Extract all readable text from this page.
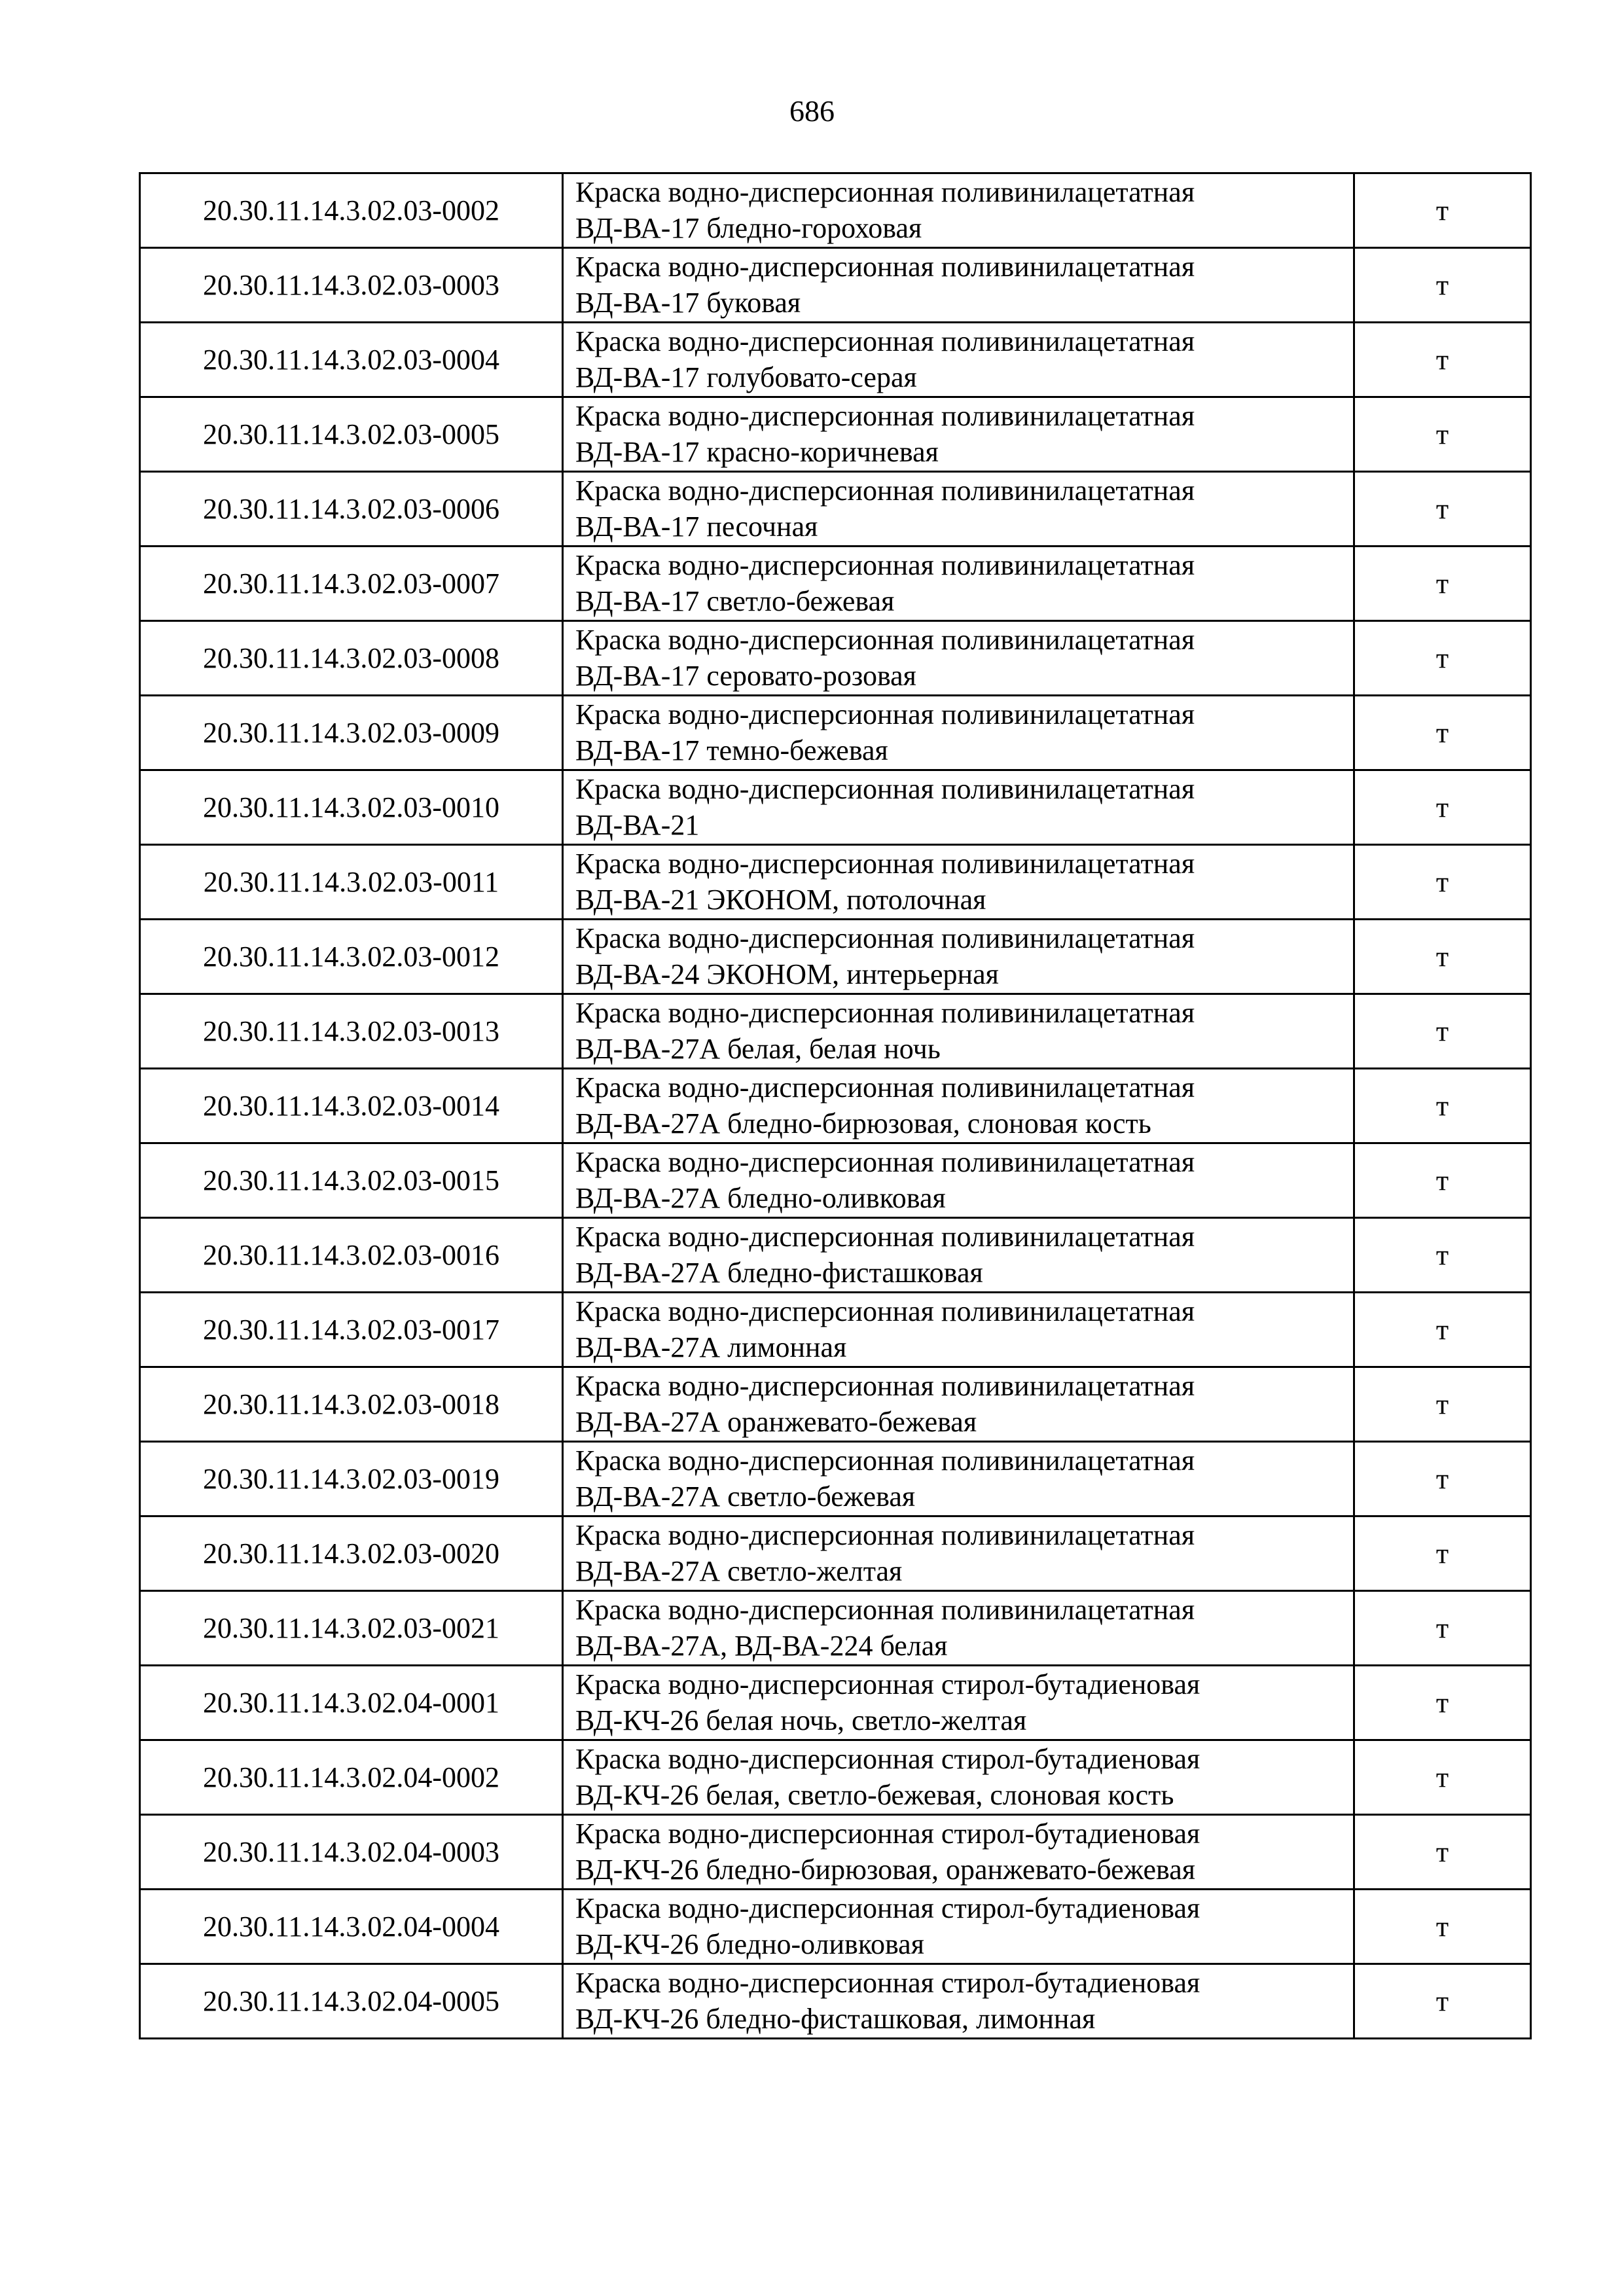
686
20.30.11.14.3.02.03-0002	Краска водно-дисперсионная поливинилацетатная
ВД-ВА-17 бледно-гороховая	т
20.30.11.14.3.02.03-0003	Краска водно-дисперсионная поливинилацетатная
ВД-ВА-17 буковая	т
20.30.11.14.3.02.03-0004	Краска водно-дисперсионная поливинилацетатная
ВД-ВА-17 голубовато-серая	т
20.30.11.14.3.02.03-0005	Краска водно-дисперсионная поливинилацетатная
ВД-ВА-17 красно-коричневая	т
20.30.11.14.3.02.03-0006	Краска водно-дисперсионная поливинилацетатная
ВД-ВА-17 песочная	т
20.30.11.14.3.02.03-0007	Краска водно-дисперсионная поливинилацетатная
ВД-ВА-17 светло-бежевая	т
20.30.11.14.3.02.03-0008	Краска водно-дисперсионная поливинилацетатная
ВД-ВА-17 серовато-розовая	т
20.30.11.14.3.02.03-0009	Краска водно-дисперсионная поливинилацетатная
ВД-ВА-17 темно-бежевая	т
20.30.11.14.3.02.03-0010	Краска водно-дисперсионная поливинилацетатная
ВД-ВА-21	т
20.30.11.14.3.02.03-0011	Краска водно-дисперсионная поливинилацетатная
ВД-ВА-21 ЭКОНОМ, потолочная	т
20.30.11.14.3.02.03-0012	Краска водно-дисперсионная поливинилацетатная
ВД-ВА-24 ЭКОНОМ, интерьерная	т
20.30.11.14.3.02.03-0013	Краска водно-дисперсионная поливинилацетатная
ВД-ВА-27А белая, белая ночь	т
20.30.11.14.3.02.03-0014	Краска водно-дисперсионная поливинилацетатная
ВД-ВА-27А бледно-бирюзовая, слоновая кость	т
20.30.11.14.3.02.03-0015	Краска водно-дисперсионная поливинилацетатная
ВД-ВА-27А бледно-оливковая	т
20.30.11.14.3.02.03-0016	Краска водно-дисперсионная поливинилацетатная
ВД-ВА-27А бледно-фисташковая	т
20.30.11.14.3.02.03-0017	Краска водно-дисперсионная поливинилацетатная
ВД-ВА-27А лимонная	т
20.30.11.14.3.02.03-0018	Краска водно-дисперсионная поливинилацетатная
ВД-ВА-27А оранжевато-бежевая	т
20.30.11.14.3.02.03-0019	Краска водно-дисперсионная поливинилацетатная
ВД-ВА-27А светло-бежевая	т
20.30.11.14.3.02.03-0020	Краска водно-дисперсионная поливинилацетатная
ВД-ВА-27А светло-желтая	т
20.30.11.14.3.02.03-0021	Краска водно-дисперсионная поливинилацетатная
ВД-ВА-27А, ВД-ВА-224 белая	т
20.30.11.14.3.02.04-0001	Краска водно-дисперсионная стирол-бутадиеновая
ВД-КЧ-26 белая ночь, светло-желтая	т
20.30.11.14.3.02.04-0002	Краска водно-дисперсионная стирол-бутадиеновая
ВД-КЧ-26 белая, светло-бежевая, слоновая кость	т
20.30.11.14.3.02.04-0003	Краска водно-дисперсионная стирол-бутадиеновая
ВД-КЧ-26 бледно-бирюзовая, оранжевато-бежевая	т
20.30.11.14.3.02.04-0004	Краска водно-дисперсионная стирол-бутадиеновая
ВД-КЧ-26 бледно-оливковая	т
20.30.11.14.3.02.04-0005	Краска водно-дисперсионная стирол-бутадиеновая
ВД-КЧ-26 бледно-фисташковая, лимонная	т
